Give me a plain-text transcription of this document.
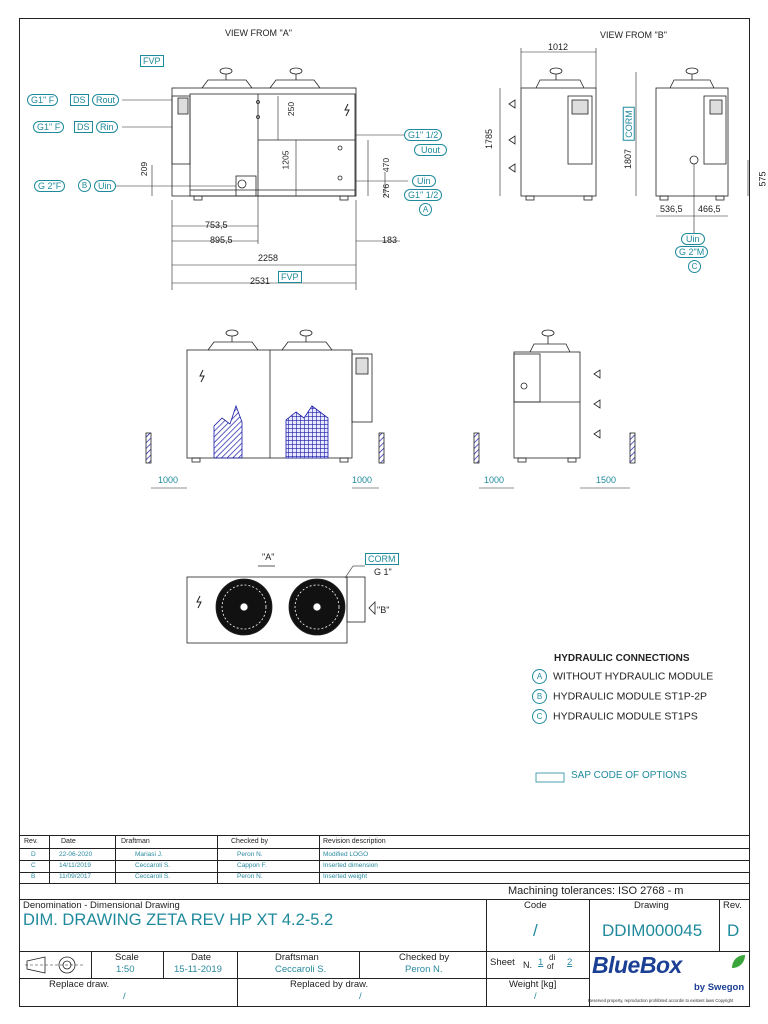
VIEW FROM "A"	VIEW FROM "B"
FVP
G1" F	DS	Rout
G1" F	DS	Rin
G 2"F	B	Uin
G1" 1/2
Uout
Uin
G1" 1/2
A
250
1205	470
276
209
753,5
895,5	183
2258
2531	FVP
1012
1785
CORM
1807
575
536,5 466,5
Uin
G 2"M
C
1000	1000	1000	1500
"A"	CORM
G 1"
"B"
HYDRAULIC CONNECTIONS
A WITHOUT HYDRAULIC MODULE
B HYDRAULIC MODULE ST1P-2P
C HYDRAULIC MODULE ST1PS
SAP CODE OF OPTIONS
Rev.	Date	Draftman	Checked by	Revision description
D	22-06-2020	Mariasi J.	Peron N.	Modified LOGO
C	14/11/2019	Ceccaroli S.	Cappon F.	Inserted dimension
B	11/09/2017	Ceccaroli S.	Peron N.	Inserted weight
Machining tolerances: ISO 2768 - m
Denomination - Dimensional Drawing
DIM. DRAWING ZETA REV HP XT 4.2-5.2
Code
/
Drawing
DDIM000045
Rev.
D
Scale
1:50
Date
15-11-2019
Draftsman
Ceccaroli S.
Checked by
Peron N.
Sheet N. 1 di
of 2
Replace draw.
/
Replaced by draw.
/
Weight [kg]
/
BlueBox
by Swegon
Reserved property, reproduction prohibited accordin to existent laws Copyright
